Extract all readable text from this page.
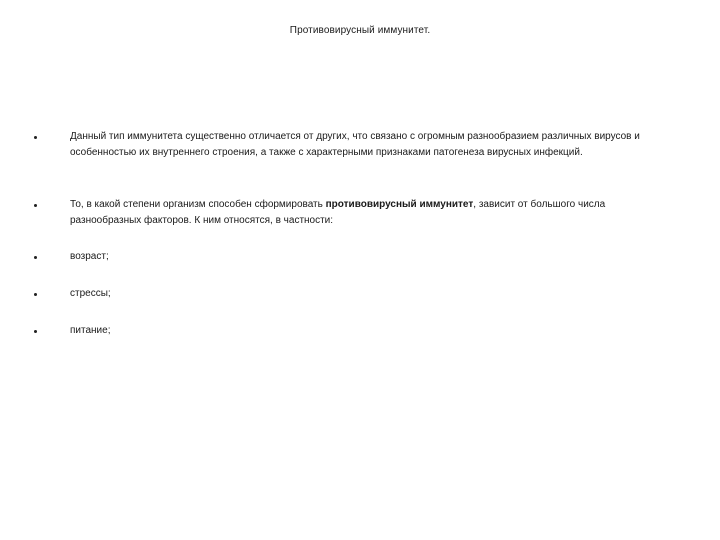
Противовирусный иммунитет.
Данный тип иммунитета существенно отличается от других, что связано с огромным разнообразием различных вирусов и особенностью их внутреннего строения, а также с характерными признаками патогенеза вирусных инфекций.
То, в какой степени организм способен сформировать противовирусный иммунитет, зависит от большого числа разнообразных факторов. К ним относятся, в частности:
возраст;
стрессы;
питание;
